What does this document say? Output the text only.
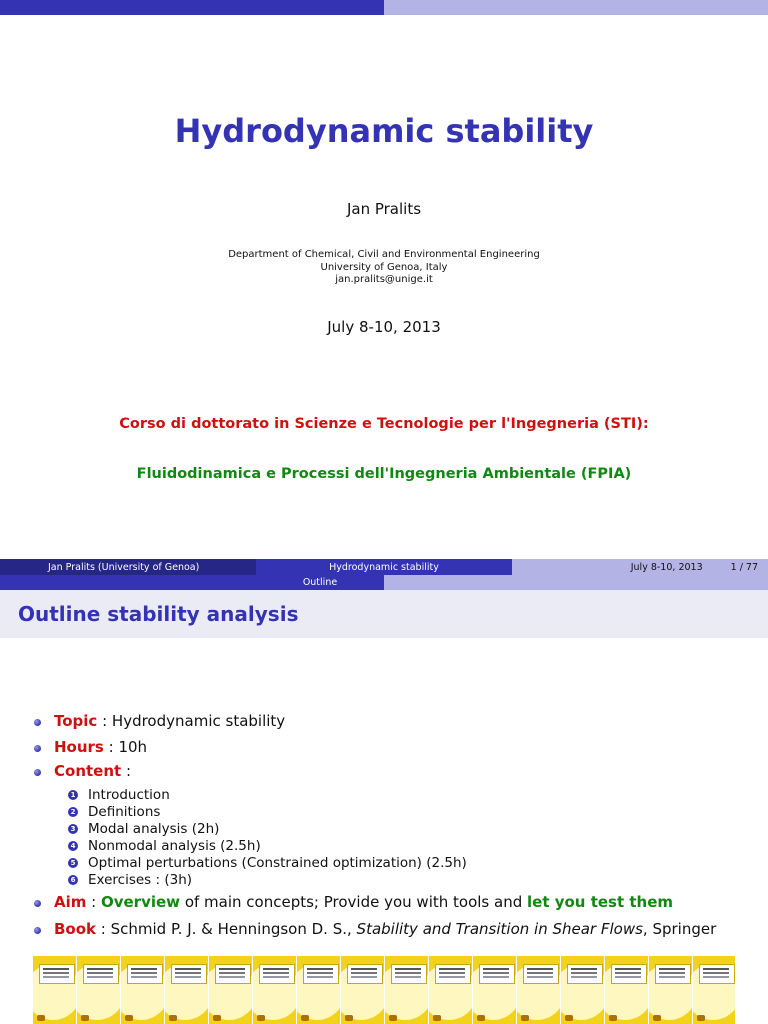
Hydrodynamic stability
Jan Pralits
Department of Chemical, Civil and Environmental Engineering
University of Genoa, Italy
jan.pralits@unige.it
July 8-10, 2013
Corso di dottorato in Scienze e Tecnologie per l'Ingegneria (STI):
Fluidodinamica e Processi dell'Ingegneria Ambientale (FPIA)
Jan Pralits (University of Genoa)	Hydrodynamic stability	July 8-10, 2013	1 / 77
Outline
Outline stability analysis
Topic : Hydrodynamic stability
Hours : 10h
Content :
1 Introduction
2 Definitions
3 Modal analysis (2h)
4 Nonmodal analysis (2.5h)
5 Optimal perturbations (Constrained optimization) (2.5h)
6 Exercises : (3h)
Aim : Overview of main concepts; Provide you with tools and let you test them
Book : Schmid P. J. & Henningson D. S., Stability and Transition in Shear Flows, Springer
